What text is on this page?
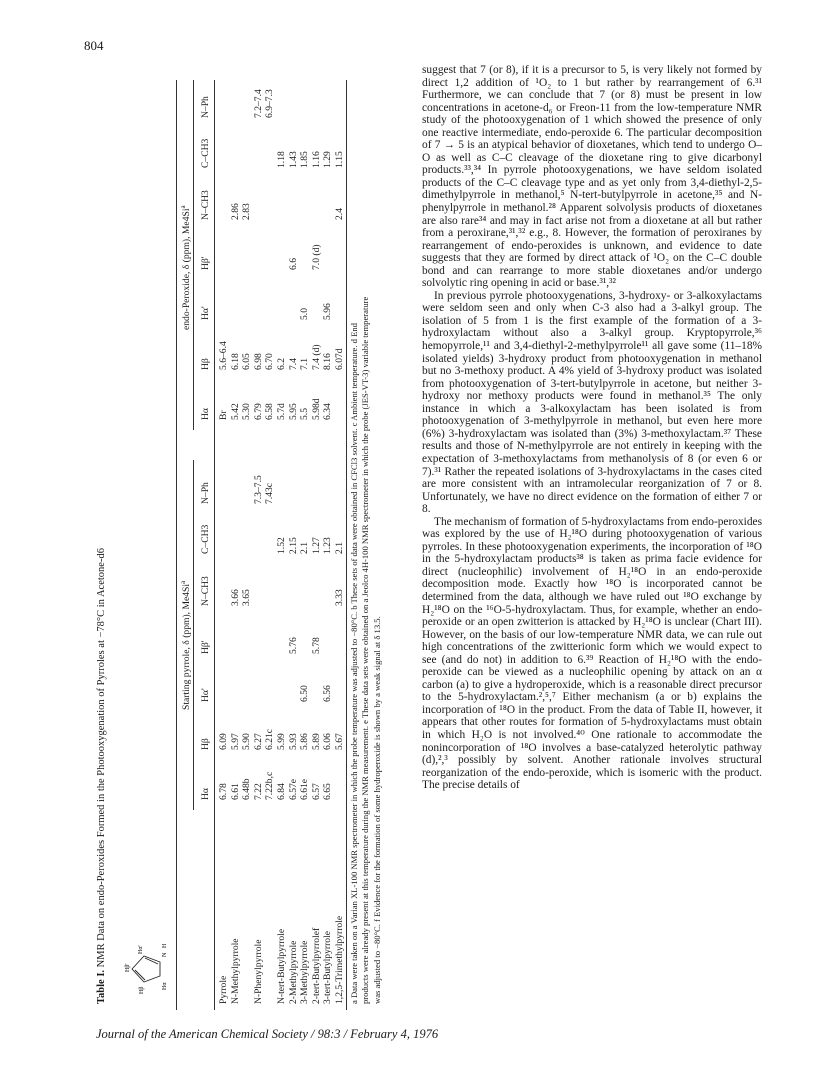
804
Table I. NMR Data on endo-Peroxides Formed in the Photooxygenation of Pyrroles at −78°C in Acetone-d6
Hβ'
Hα'
Hβ
Hα
N
H
Starting pyrrole, δ (ppm), Me4Si$^a$
endo-Peroxide, δ (ppm), Me4Si$^a$
Hα
Hβ
Hα'
Hβ'
N–CH3
C–CH3
N–Ph
Hα
Hβ
Hα'
Hβ'
N–CH3
C–CH3
N–Ph
Pyrrole
6.78
6.09
Br
5.6–6.4
N-Methylpyrrole
6.61
5.97
3.66
5.42
6.18
2.86
6.48b
5.90
3.65
5.30
6.05
2.83
N-Phenylpyrrole
7.22
6.27
7.3–7.5
6.79
6.98
7.2–7.4
7.22b,c
6.21c
7.43c
6.58
6.70
6.9–7.3
N-tert-Butylpyrrole
6.84
5.99
1.52
5.7d
6.2
1.18
2-Methylpyrrole
6.57e
5.93
5.76
2.15
5.95
7.4
6.6
1.43
3-Methylpyrrole
6.61e
5.86
6.50
2.1
5.5
7.1
5.0
1.85
2-tert-Butylpyrrolef
6.57
5.89
5.78
1.27
5.98d
7.4 (d)
7.0 (d)
1.16
3-tert-Butylpyrrole
6.65
6.06
6.56
1.23
6.34
8.16
5.96
1.29
1,2,5-Trimethylpyrrole
5.67
3.33
2.1
6.07d
2.4
1.15
a Data were taken on a Varian XL-100 NMR spectrometer in which the probe temperature was adjusted to −80°C. b These sets of data were obtained in CFCl3 solvent. c Ambient temperature. d End products were already present at this temperature during the NMR measurement. e These data sets were obtained on a Jeolco 4H-100 NMR spectrometer in which the probe (JES-VT-3) variable temperature was adjusted to −80°C. f Evidence for the formation of some hydroperoxide is shown by a weak signal at δ 13.5.

suggest that 7 (or 8), if it is a precursor to 5, is very likely not formed by direct 1,2 addition of ¹O₂ to 1 but rather by rearrangement of 6.³¹ Furthermore, we can conclude that 7 (or 8) must be present in low concentrations in acetone-d₆ or Freon-11 from the low-temperature NMR study of the photooxygenation of 1 which showed the presence of only one reactive intermediate, endo-peroxide 6. The particular decomposition of 7 → 5 is an atypical behavior of dioxetanes, which tend to undergo O–O as well as C–C cleavage of the dioxetane ring to give dicarbonyl products.³³,³⁴ In pyrrole photooxygenations, we have seldom isolated products of the C–C cleavage type and as yet only from 3,4-diethyl-2,5-dimethylpyrrole in methanol,⁵ N-tert-butylpyrrole in acetone,³⁵ and N-phenylpyrrole in methanol.²⁸ Apparent solvolysis products of dioxetanes are also rare³⁴ and may in fact arise not from a dioxetane at all but rather from a peroxirane,³¹,³² e.g., 8. However, the formation of peroxiranes by rearrangement of endo-peroxides is unknown, and evidence to date suggests that they are formed by direct attack of ¹O₂ on the C–C double bond and can rearrange to more stable dioxetanes and/or undergo solvolytic ring opening in acid or base.³¹,³²

In previous pyrrole photooxygenations, 3-hydroxy- or 3-alkoxylactams were seldom seen and only when C-3 also had a 3-alkyl group. The isolation of 5 from 1 is the first example of the formation of a 3-hydroxylactam without also a 3-alkyl group. Kryptopyrrole,³⁶ hemopyrrole,¹¹ and 3,4-diethyl-2-methylpyrrole¹¹ all gave some (11–18% isolated yields) 3-hydroxy product from photooxygenation in methanol but no 3-methoxy product. A 4% yield of 3-hydroxy product was isolated from photooxygenation of 3-tert-butylpyrrole in acetone, but neither 3-hydroxy nor methoxy products were found in methanol.³⁵ The only instance in which a 3-alkoxylactam has been isolated is from photooxygenation of 3-methylpyrrole in methanol, but even here more (6%) 3-hydroxylactam was isolated than (3%) 3-methoxylactam.³⁷ These results and those of N-methylpyrrole are not entirely in keeping with the expectation of 3-methoxylactams from methanolysis of 8 (or even 6 or 7).³¹ Rather the repeated isolations of 3-hydroxylactams in the cases cited are more consistent with an intramolecular reorganization of 7 or 8. Unfortunately, we have no direct evidence on the formation of either 7 or 8.

The mechanism of formation of 5-hydroxylactams from endo-peroxides was explored by the use of H₂¹⁸O during photooxygenation of various pyrroles. In these photooxygenation experiments, the incorporation of ¹⁸O in the 5-hydroxylactam products³⁸ is taken as prima facie evidence for direct (nucleophilic) involvement of H₂¹⁸O in an endo-peroxide decomposition mode. Exactly how ¹⁸O is incorporated cannot be determined from the data, although we have ruled out ¹⁸O exchange by H₂¹⁸O on the ¹⁶O-5-hydroxylactam. Thus, for example, whether an endo-peroxide or an open zwitterion is attacked by H₂¹⁸O is unclear (Chart III). However, on the basis of our low-temperature NMR data, we can rule out high concentrations of the zwitterionic form which we would expect to see (and do not) in addition to 6.³⁹ Reaction of H₂¹⁸O with the endo-peroxide can be viewed as a nucleophilic opening by attack on an α carbon (a) to give a hydroperoxide, which is a reasonable direct precursor to the 5-hydroxylactam.²,⁵,⁷ Either mechanism (a or b) explains the incorporation of ¹⁸O in the product. From the data of Table II, however, it appears that other routes for formation of 5-hydroxylactams must obtain in which H₂O is not involved.⁴⁰ One rationale to accommodate the nonincorporation of ¹⁸O involves a base-catalyzed heterolytic pathway (d),²,³ possibly by solvent. Another rationale involves structural reorganization of the endo-peroxide, which is isomeric with the product. The precise details of

Journal of the American Chemical Society / 98:3 / February 4, 1976
